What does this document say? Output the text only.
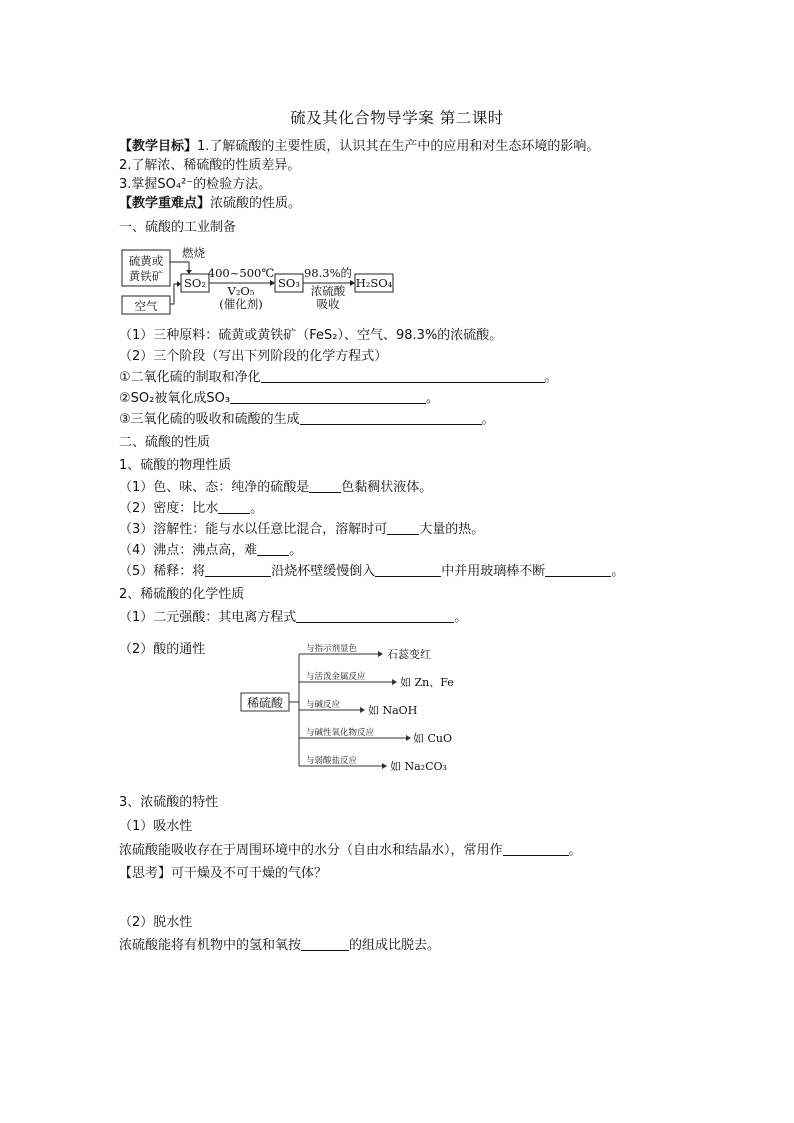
硫及其化合物导学案 第二课时
【教学目标】1.了解硫酸的主要性质，认识其在生产中的应用和对生态环境的影响。
2.了解浓、稀硫酸的性质差异。
3.掌握SO₄²⁻的检验方法。
【教学重难点】浓硫酸的性质。
一、硫酸的工业制备
硫黄或
黄铁矿
燃烧
空气
SO₂
400~500℃
V₂O₅
(催化剂)
SO₃
98.3%的
浓硫酸
吸收
H₂SO₄
（1）三种原料：硫黄或黄铁矿（FeS₂）、空气、98.3%的浓硫酸。
（2）三个阶段（写出下列阶段的化学方程式）
①二氧化硫的制取和净化	。
②SO₂被氧化成SO₃	。
③三氧化硫的吸收和硫酸的生成	。
二、硫酸的性质
1、硫酸的物理性质
（1）色、味、态：纯净的硫酸是 色黏稠状液体。
（2）密度：比水 。
（3）溶解性：能与水以任意比混合，溶解时可 大量的热。
（4）沸点：沸点高，难 。
（5）稀释：将	沿烧杯壁缓慢倒入	中并用玻璃棒不断	。
2、稀硫酸的化学性质
（1）二元强酸：其电离方程式	。
（2）酸的通性
稀硫酸
与指示剂显色
与活泼金属反应
与碱反应
与碱性氧化物反应
与弱酸盐反应
石蕊变红
如 Zn、Fe
如 NaOH
如 CuO
如 Na₂CO₃
3、浓硫酸的特性
（1）吸水性
浓硫酸能吸收存在于周围环境中的水分（自由水和结晶水），常用作	。
【思考】可干燥及不可干燥的气体？
（2）脱水性
浓硫酸能将有机物中的氢和氧按	的组成比脱去。
